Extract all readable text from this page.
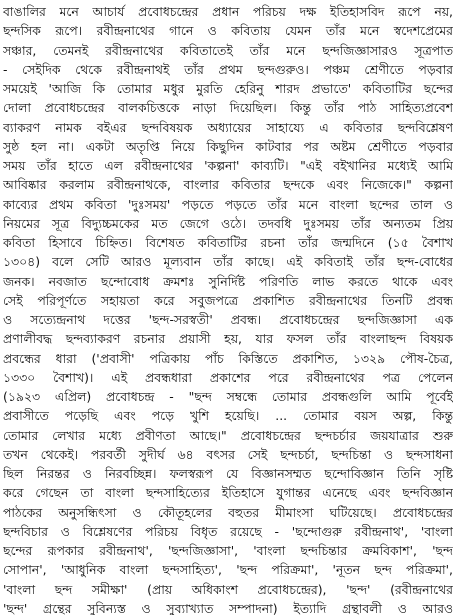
বাঙালির মনে আচার্য প্রবোধচন্দ্রের প্রধান পরিচয় দক্ষ ইতিহাসবিদ রূপে নয়,
ছন্দসিক রূপে। রবীন্দ্রনাথের গানে ও কবিতায় যেমন তাঁর মনে স্বদেশপ্রেমের
সঞ্চার, তেমনই রবীন্দ্রনাথের কবিতাতেই তাঁর মনে ছন্দজিজ্ঞাসারও সূত্রপাত
- সেইদিক থেকে রবীন্দ্রনাথই তাঁর প্রথম ছন্দগুরুও। পঞ্চম শ্রেণীতে পড়বার
সময়েই 'আজি কি তোমার মধুর মুরতি হেরিনু শারদ প্রভাতে' কবিতাটির ছন্দের
দোলা প্রবোধচন্দ্রের বালকচিত্তকে নাড়া দিয়েছিল। কিন্তু তাঁর পাঠ সাহিত্যপ্রবেশ
ব্যাকরণ নামক বইএর ছন্দবিষয়ক অধ্যায়ের সাহায্যে এ কবিতার ছন্দবিশ্লেষণ
সুষ্ঠ হল না। একটা অতৃপ্তি নিয়ে কিছুদিন কাটবার পর অষ্টম শ্রেণীতে পড়বার
সময় তাঁর হাতে এল রবীন্দ্রনাথের 'কল্পনা' কাব্যটি। "এই বইখানির মধ্যেই আমি
আবিষ্কার করলাম রবীন্দ্রনাথকে, বাংলার কবিতার ছন্দকে এবং নিজেকে।" কল্পনা
কাব্যের প্রথম কবিতা 'দুঃসময়' পড়তে পড়তে তাঁর মনে বাংলা ছন্দের তাল ও
নিয়মের সূত্র বিদ্যুচ্চমকের মত জেগে ওঠে। তদবধি দুঃসময় তাঁর অন্যতম প্রিয়
কবিতা হিসাবে চিহ্নিত। বিশেষত কবিতাটির রচনা তাঁর জন্মদিনে (১৫ বৈশাখ
১৩০৪) বলে সেটি আরও মূল্যবান তাঁর কাছে। এই কবিতাই তাঁর ছন্দ-বোধের
জনক। নবজাত ছন্দোবোধ ক্রমশঃ সুনির্দিষ্ট পরিণতি লাভ করতে থাকে এবং
সেই পরিপূর্ণতে সহায়তা করে সবুজপত্রে প্রকাশিত রবীন্দ্রনাথের তিনটি প্রবন্ধ
ও সত্যেন্দ্রনাথ দত্তের 'ছন্দ-সরস্বতী' প্রবন্ধ। প্রবোধচন্দ্রের ছন্দজিজ্ঞাসা এক
প্রণালীবদ্ধ ছন্দব্যাকরণ রচনার প্রয়াসী হয়, যার ফসল তাঁর বাংলাছন্দ বিষয়ক
প্রবন্ধের ধারা ('প্রবাসী' পত্রিকায় পাঁচ কিস্তিতে প্রকাশিত, ১৩২৯ পৌষ-চৈত্র,
১৩৩০ বৈশাখ)। এই প্রবন্ধধারা প্রকাশের পরে রবীন্দ্রনাথের পত্র পেলেন
(১৯২৩ এপ্রিল) প্রবোধচন্দ্র - "ছন্দ সম্বন্ধে তোমার প্রবন্ধগুলি আমি পূর্বেই
প্রবাসীতে পড়েছি এবং পড়ে খুশি হয়েছি। ... তোমার বয়স অল্প, কিন্তু
তোমার লেখার মধ্যে প্রবীণতা আছে।" প্রবোধচন্দ্রের ছন্দচর্চার জয়যাত্রার শুরু
তখন থেকেই। পরবর্তী সুদীর্ঘ ৬৪ বৎসর সেই ছন্দচর্চা, ছন্দচিন্তা ও ছন্দসাধনা
ছিল নিরন্তর ও নিরবচ্ছিন্ন। ফলস্বরূপ যে বিজ্ঞানসম্মত ছন্দোবিজ্ঞান তিনি সৃষ্টি
করে গেছেন তা বাংলা ছন্দসাহিত্যের ইতিহাসে যুগান্তর এনেছে এবং ছন্দবিজ্ঞান
পাঠকের অনুসন্ধিৎসা ও কৌতূহলের বহুতর মীমাংসা ঘটিয়েছে। প্রবোধচন্দ্রের
ছন্দবিচার ও বিশ্লেষণের পরিচয় বিধৃত রয়েছে - 'ছন্দোগুরু রবীন্দ্রনাথ', 'বাংলা
ছন্দের রূপকার রবীন্দ্রনাথ', 'ছন্দজিজ্ঞাসা', 'বাংলা ছন্দচিন্তার ক্রমবিকাশ', 'ছন্দ
সোপান', 'আধুনিক বাংলা ছন্দসাহিত্য', 'ছন্দ পরিক্রমা', 'নূতন ছন্দ পরিক্রমা',
'বাংলা ছন্দ সমীক্ষা' (প্রায় অধিকাংশ প্রবোধচন্দ্রের), 'ছন্দ' (রবীন্দ্রনাথের
'ছন্দ' গ্রন্থের সুবিন্যস্ত ও সুব্যাখ্যাত সম্পাদনা) ইত্যাদি গ্রন্থাবলী ও আরও
